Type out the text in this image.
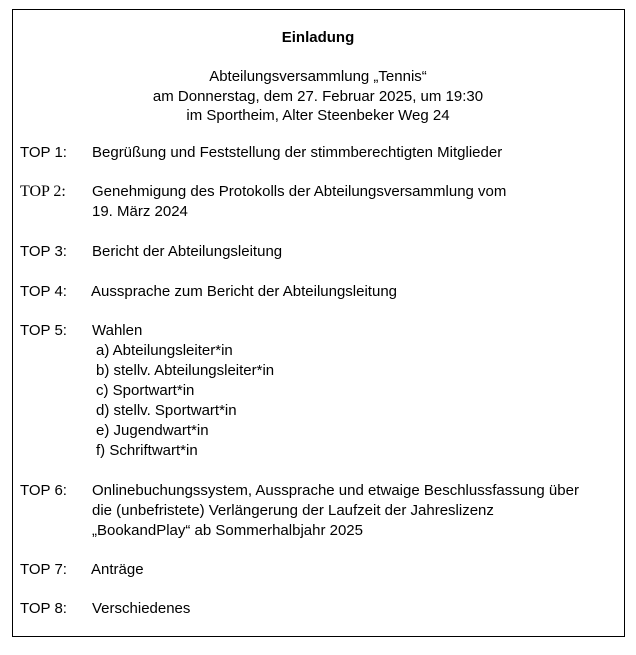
Einladung
Abteilungsversammlung „Tennis“
am Donnerstag, dem 27. Februar 2025, um 19:30
im Sportheim, Alter Steenbeker Weg 24
TOP 1: Begrüßung und Feststellung der stimmberechtigten Mitglieder
TOP 2: Genehmigung des Protokolls der Abteilungsversammlung vom
19. März 2024
TOP 3: Bericht der Abteilungsleitung
TOP 4: Aussprache zum Bericht der Abteilungsleitung
TOP 5: Wahlen
a) Abteilungsleiter*in
b) stellv. Abteilungsleiter*in
c) Sportwart*in
d) stellv. Sportwart*in
e) Jugendwart*in
f) Schriftwart*in
TOP 6: Onlinebuchungssystem, Aussprache und etwaige Beschlussfassung über
die (unbefristete) Verlängerung der Laufzeit der Jahreslizenz
„BookandPlay“ ab Sommerhalbjahr 2025
TOP 7: Anträge
TOP 8: Verschiedenes
